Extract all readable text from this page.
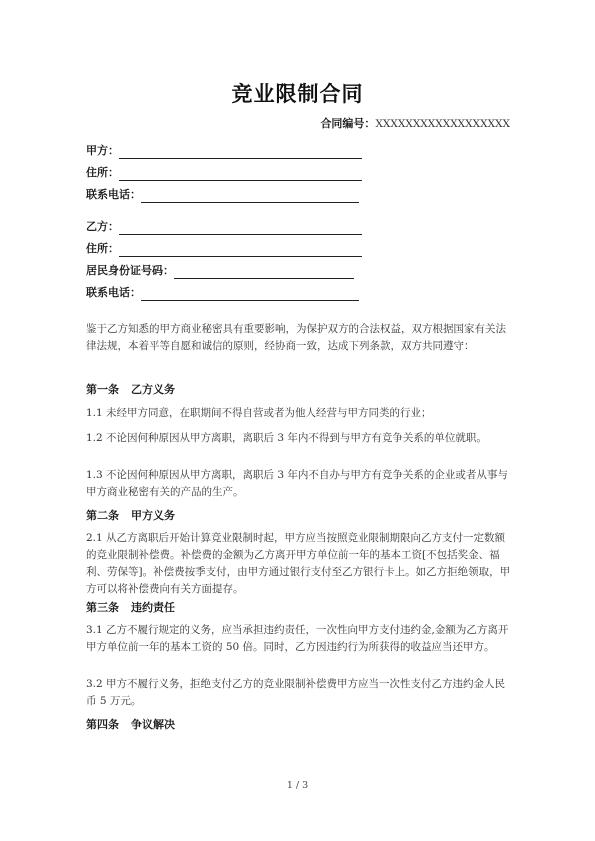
竞业限制合同
合同编号：XXXXXXXXXXXXXXXXXX
甲方：
住所：
联系电话：
乙方：
住所：
居民身份证号码：
联系电话：

鉴于乙方知悉的甲方商业秘密具有重要影响，为保护双方的合法权益，双方根据国家有关法律法规，本着平等自愿和诚信的原则，经协商一致，达成下列条款，双方共同遵守：

第一条 乙方义务

1.1 未经甲方同意，在职期间不得自营或者为他人经营与甲方同类的行业；

1.2 不论因何种原因从甲方离职，离职后 3 年内不得到与甲方有竞争关系的单位就职。

1.3 不论因何种原因从甲方离职，离职后 3 年内不自办与甲方有竞争关系的企业或者从事与甲方商业秘密有关的产品的生产。

第二条 甲方义务

2.1 从乙方离职后开始计算竞业限制时起，甲方应当按照竞业限制期限向乙方支付一定数额的竞业限制补偿费。补偿费的金额为乙方离开甲方单位前一年的基本工资[不包括奖金、福利、劳保等]。补偿费按季支付，由甲方通过银行支付至乙方银行卡上。如乙方拒绝领取，甲方可以将补偿费向有关方面提存。

第三条 违约责任

3.1 乙方不履行规定的义务，应当承担违约责任，一次性向甲方支付违约金,金额为乙方离开甲方单位前一年的基本工资的 50 倍。同时，乙方因违约行为所获得的收益应当还甲方。

3.2 甲方不履行义务，拒绝支付乙方的竞业限制补偿费甲方应当一次性支付乙方违约金人民币 5 万元。

第四条 争议解决
1 / 3
